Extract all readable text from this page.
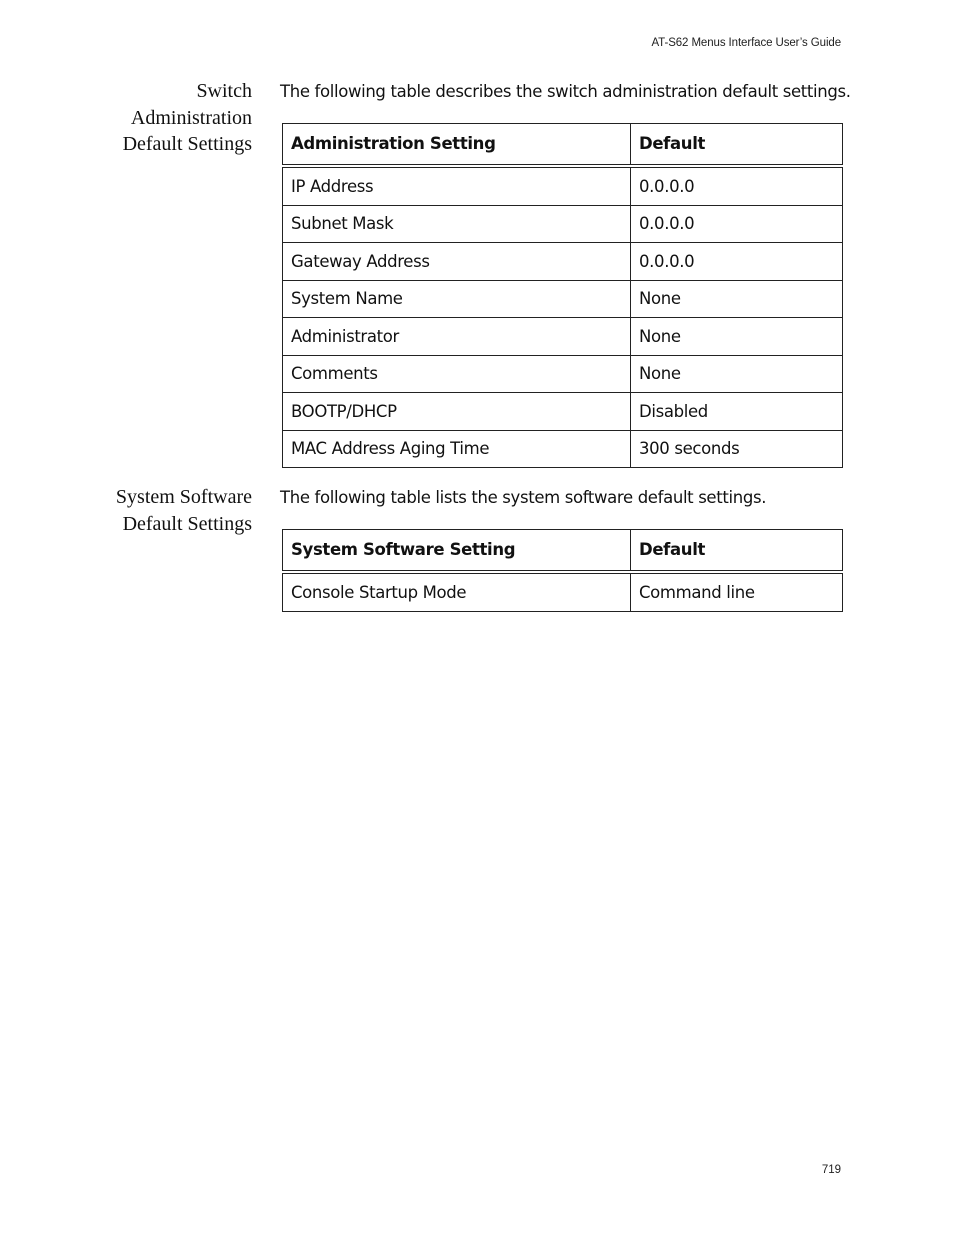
AT-S62 Menus Interface User’s Guide
Switch
Administration
Default Settings
The following table describes the switch administration default settings.
Administration Setting	Default
IP Address	0.0.0.0
Subnet Mask	0.0.0.0
Gateway Address	0.0.0.0
System Name	None
Administrator	None
Comments	None
BOOTP/DHCP	Disabled
MAC Address Aging Time	300 seconds
System Software
Default Settings
The following table lists the system software default settings.
System Software Setting	Default
Console Startup Mode	Command line
719
